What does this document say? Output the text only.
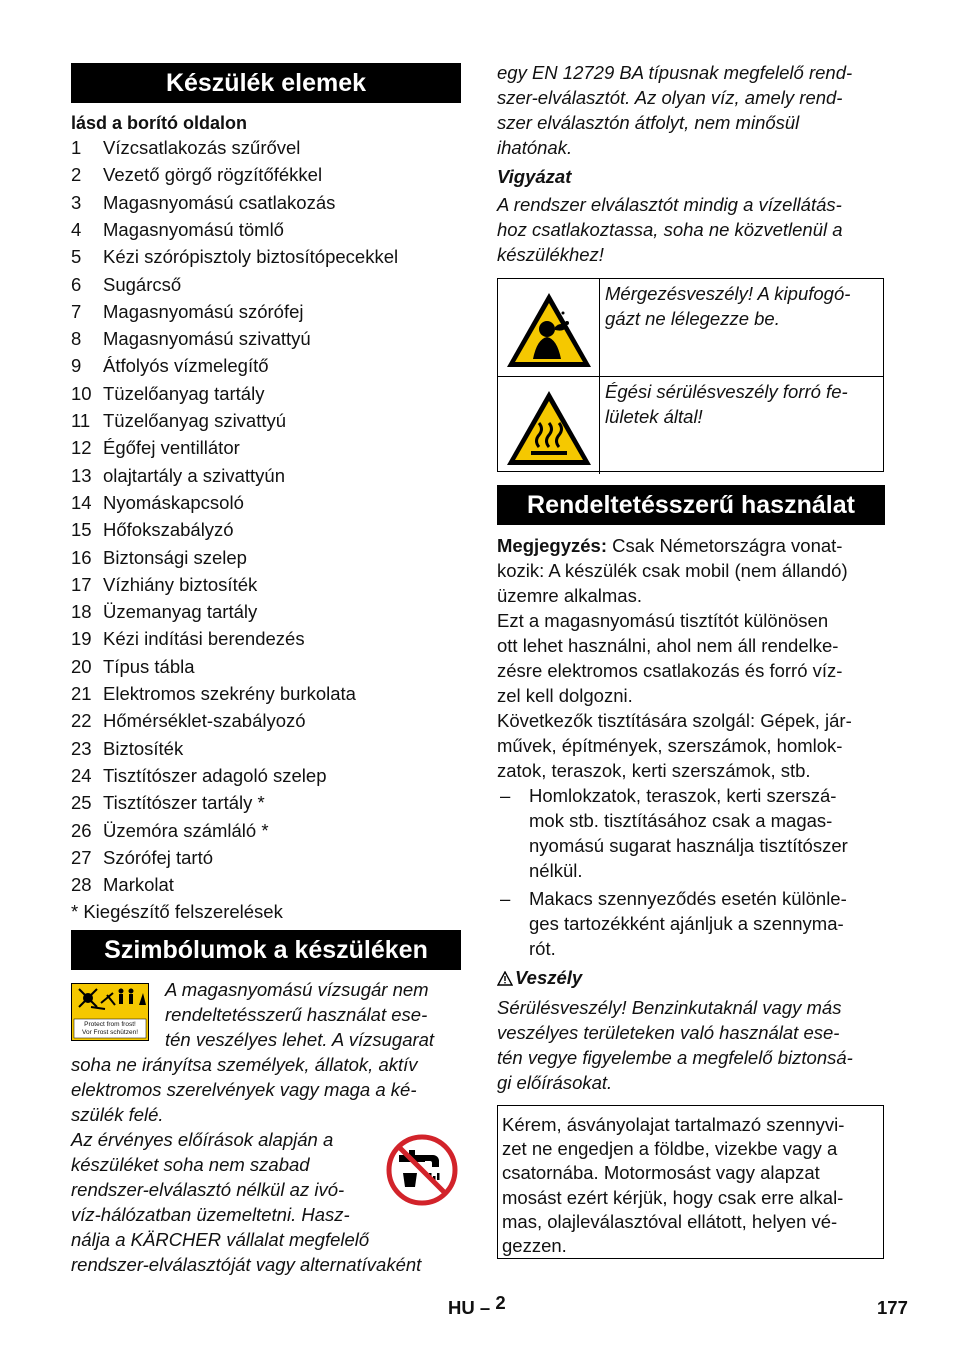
Készülék elemek
lásd a borító oldalon
1 Vízcsatlakozás szűrővel
2 Vezető görgő rögzítőfékkel
3 Magasnyomású csatlakozás
4 Magasnyomású tömlő
5 Kézi szórópisztoly biztosítópecekkel
6 Sugárcső
7 Magasnyomású szórófej
8 Magasnyomású szivattyú
9 Átfolyós vízmelegítő
10 Tüzelőanyag tartály
11 Tüzelőanyag szivattyú
12 Égőfej ventillátor
13 olajtartály a szivattyún
14 Nyomáskapcsoló
15 Hőfokszabályzó
16 Biztonsági szelep
17 Vízhiány biztosíték
18 Üzemanyag tartály
19 Kézi indítási berendezés
20 Típus tábla
21 Elektromos szekrény burkolata
22 Hőmérséklet-szabályozó
23 Biztosíték
24 Tisztítószer adagoló szelep
25 Tisztítószer tartály *
26 Üzemóra számláló *
27 Szórófej tartó
28 Markolat
* Kiegészítő felszerelések
Szimbólumok a készüléken
Protect from frost!
Vor Frost schützen!
A magasnyomású vízsugár nem
rendeltetésszerű használat ese-
tén veszélyes lehet. A vízsugarat
soha ne irányítsa személyek, állatok, aktív
elektromos szerelvények vagy maga a ké-
szülék felé.
Az érvényes előírások alapján a
készüléket soha nem szabad
rendszer-elválasztó nélkül az ivó-
víz-hálózatban üzemeltetni. Hasz-
nálja a KÄRCHER vállalat megfelelő
rendszer-elválasztóját vagy alternatívaként
egy EN 12729 BA típusnak megfelelő rend-
szer-elválasztót. Az olyan víz, amely rend-
szer elválasztón átfolyt, nem minősül
ihatónak.
Vigyázat
A rendszer elválasztót mindig a vízellátás-
hoz csatlakoztassa, soha ne közvetlenül a
készülékhez!
Mérgezésveszély! A kipufogó-
gázt ne lélegezze be.
Égési sérülésveszély forró fe-
lületek által!
Rendeltetésszerű használat
Megjegyzés: Csak Németországra vonat-
kozik: A készülék csak mobil (nem állandó)
üzemre alkalmas.
Ezt a magasnyomású tisztítót különösen
ott lehet használni, ahol nem áll rendelke-
zésre elektromos csatlakozás és forró víz-
zel kell dolgozni.
Következők tisztítására szolgál: Gépek, jár-
művek, építmények, szerszámok, homlok-
zatok, teraszok, kerti szerszámok, stb.
– Homlokzatok, teraszok, kerti szerszá-
mok stb. tisztításához csak a magas-
nyomású sugarat használja tisztítószer
nélkül.
– Makacs szennyeződés esetén különle-
ges tartozékként ajánljuk a szennyma-
rót.
Veszély
Sérülésveszély! Benzinkutaknál vagy más
veszélyes területeken való használat ese-
tén vegye figyelembe a megfelelő biztonsá-
gi előírásokat.
Kérem, ásványolajat tartalmazó szennyvi-
zet ne engedjen a földbe, vizekbe vagy a
csatornába. Motormosást vagy alapzat
mosást ezért kérjük, hogy csak erre alkal-
mas, olajleválasztóval ellátott, helyen vé-
gezzen.
HU – 2	177
